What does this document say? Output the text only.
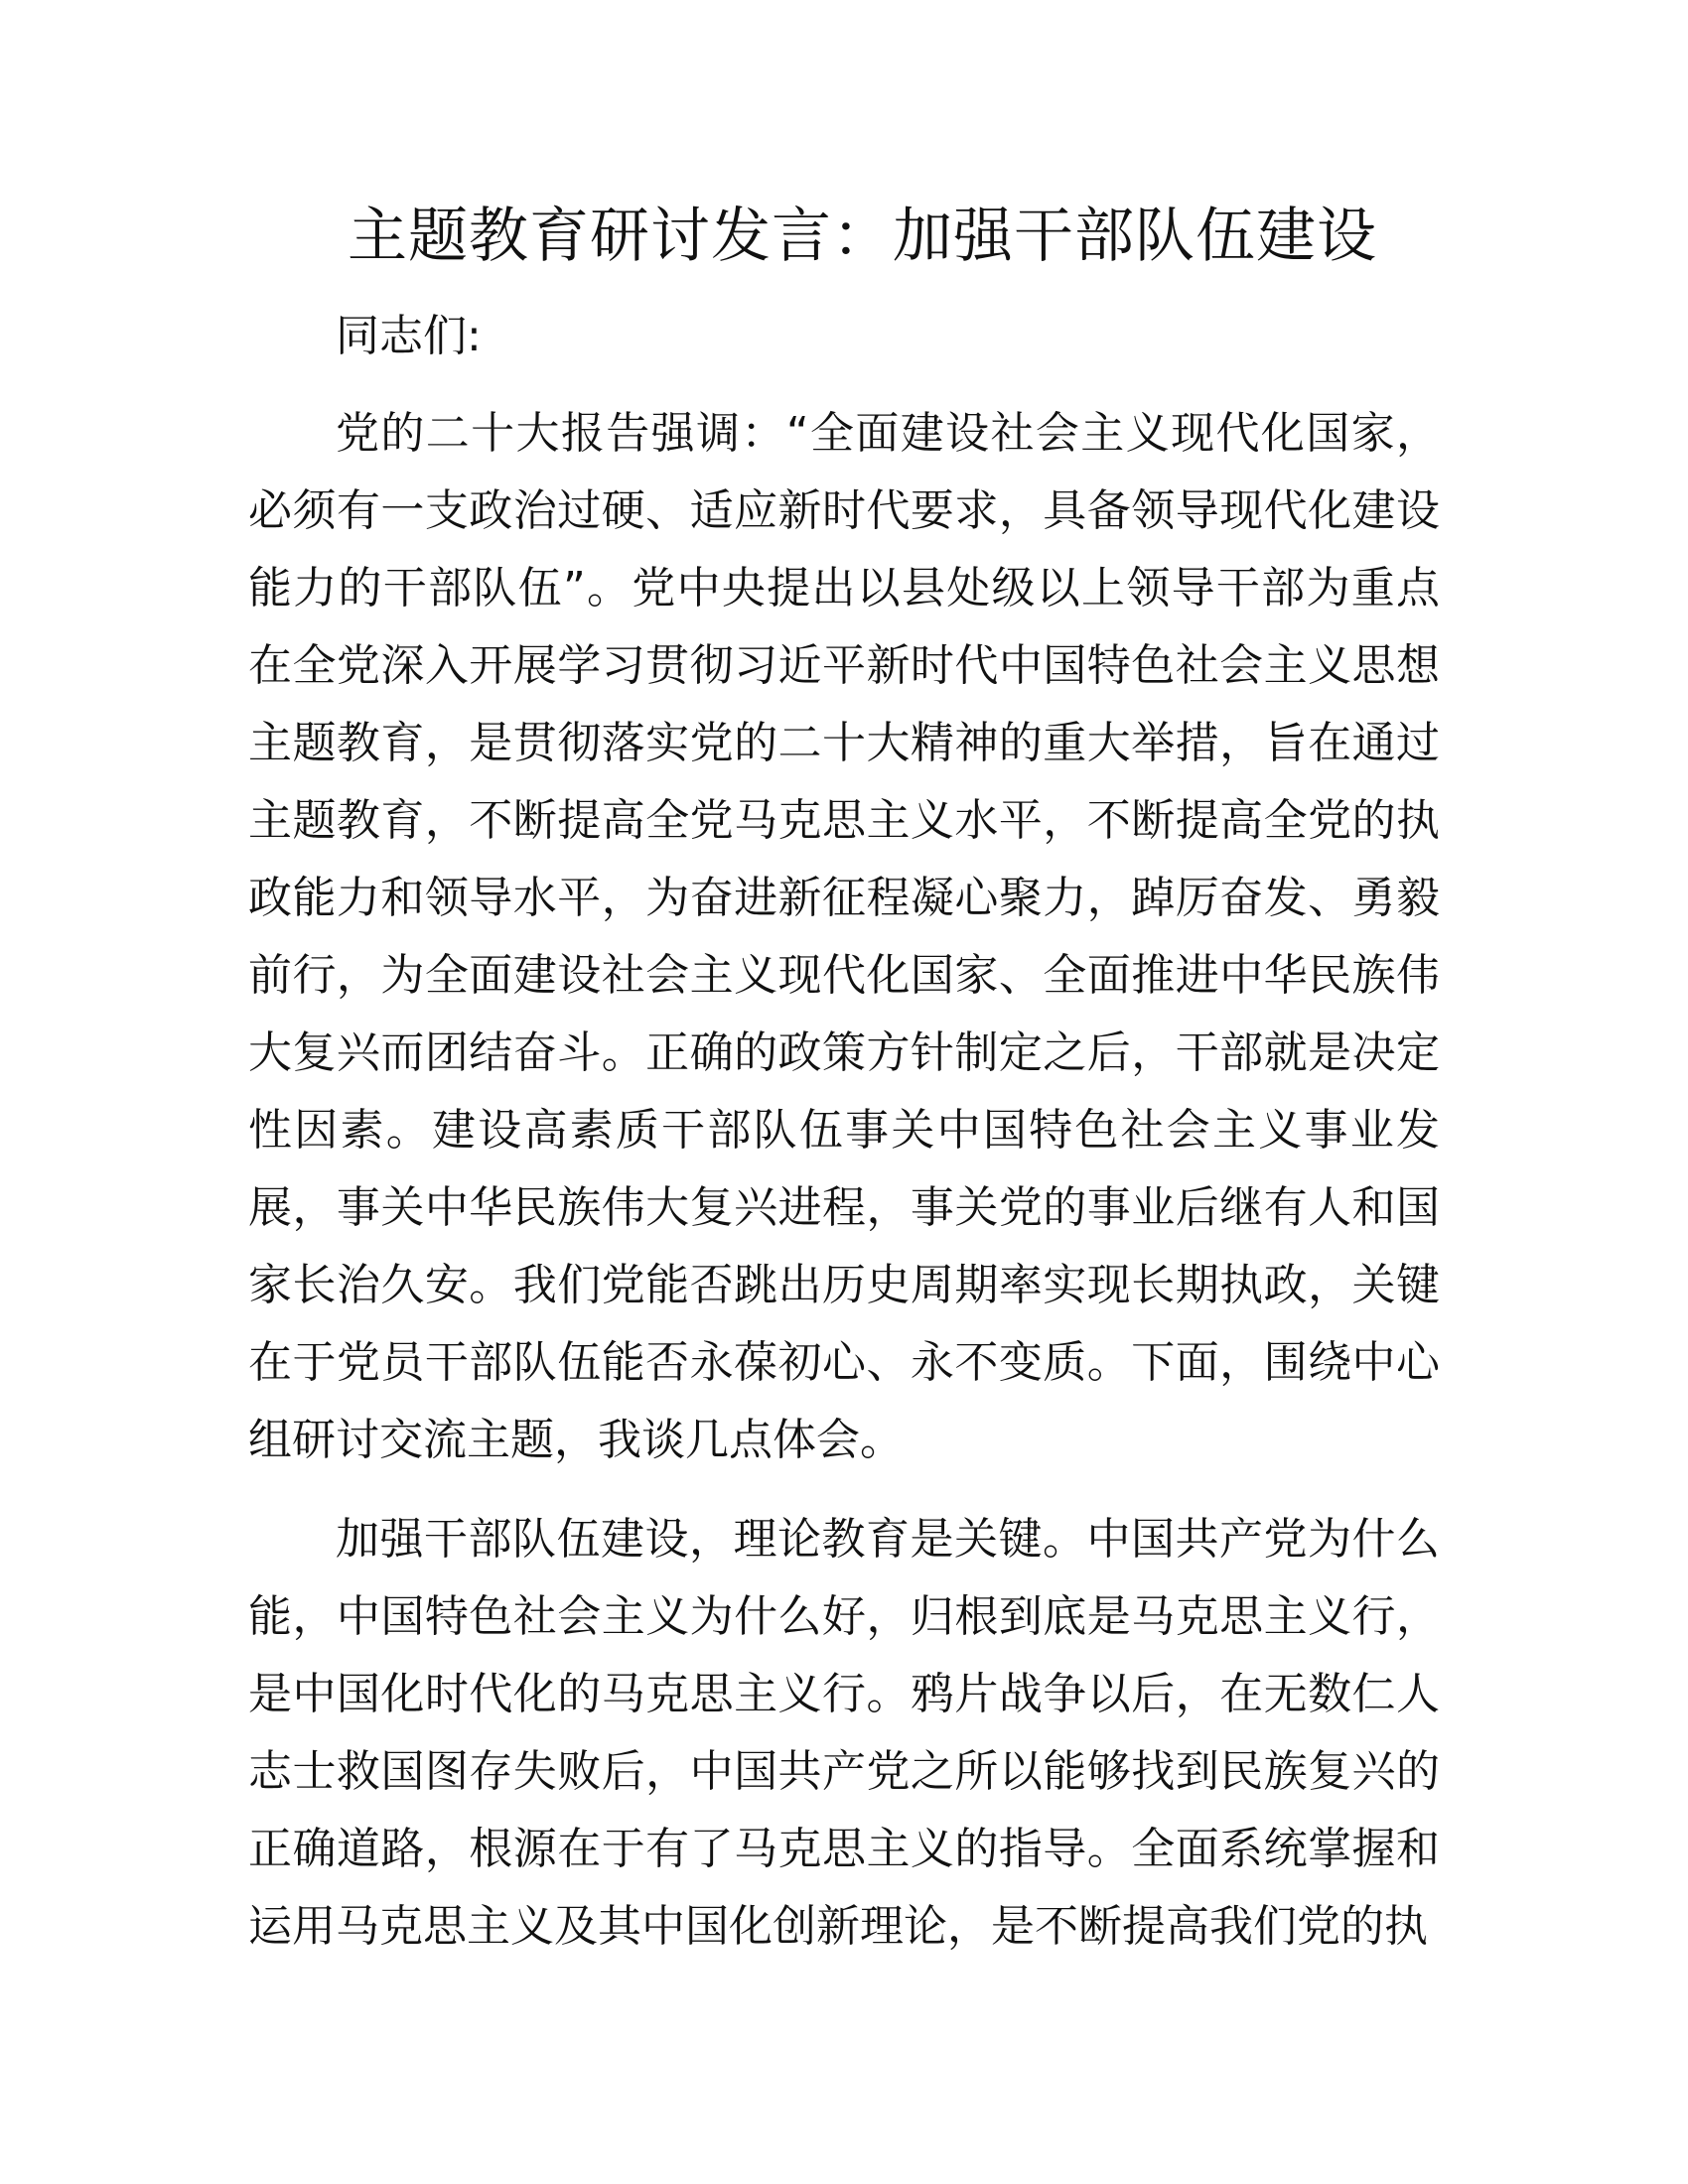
主题教育研讨发言：加强干部队伍建设

同志们:

党的二十大报告强调：“全面建设社会主义现代化国家，必须有一支政治过硬、适应新时代要求，具备领导现代化建设能力的干部队伍”。党中央提出以县处级以上领导干部为重点在全党深入开展学习贯彻习近平新时代中国特色社会主义思想主题教育，是贯彻落实党的二十大精神的重大举措，旨在通过主题教育，不断提高全党马克思主义水平，不断提高全党的执政能力和领导水平，为奋进新征程凝心聚力，踔厉奋发、勇毅前行，为全面建设社会主义现代化国家、全面推进中华民族伟大复兴而团结奋斗。正确的政策方针制定之后，干部就是决定性因素。建设高素质干部队伍事关中国特色社会主义事业发展，事关中华民族伟大复兴进程，事关党的事业后继有人和国家长治久安。我们党能否跳出历史周期率实现长期执政，关键在于党员干部队伍能否永葆初心、永不变质。下面，围绕中心组研讨交流主题，我谈几点体会。

加强干部队伍建设，理论教育是关键。中国共产党为什么能，中国特色社会主义为什么好，归根到底是马克思主义行，是中国化时代化的马克思主义行。鸦片战争以后，在无数仁人志士救国图存失败后，中国共产党之所以能够找到民族复兴的正确道路，根源在于有了马克思主义的指导。全面系统掌握和运用马克思主义及其中国化创新理论，是不断提高我们党的执
